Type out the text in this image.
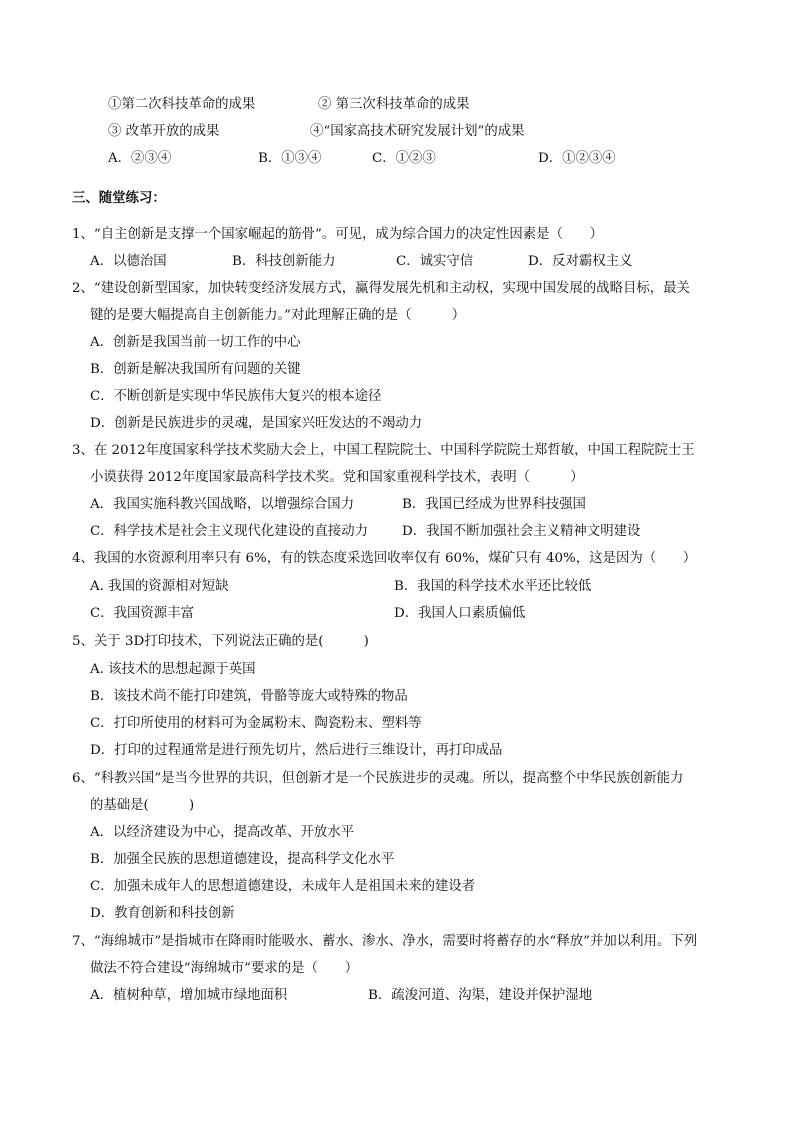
①第二次科技革命的成果	② 第三次科技革命的成果
③ 改革开放的成果	④“国家高技术研究发展计划”的成果
A．②③④	B．①③④	C．①②③	D．①②③④
三、随堂练习：
1、“自主创新是支撑一个国家崛起的筋骨”。可见，成为综合国力的决定性因素是（　　）
A．以德治国	B．科技创新能力	C．诚实守信	D．反对霸权主义
2、“建设创新型国家，加快转变经济发展方式，赢得发展先机和主动权，实现中国发展的战略目标，最关
键的是要大幅提高自主创新能力。”对此理解正确的是（　　　）
A．创新是我国当前一切工作的中心
B．创新是解决我国所有问题的关键
C．不断创新是实现中华民族伟大复兴的根本途径
D．创新是民族进步的灵魂，是国家兴旺发达的不竭动力
3、在 2012年度国家科学技术奖励大会上，中国工程院院士、中国科学院院士郑哲敏，中国工程院院士王
小谟获得 2012年度国家最高科学技术奖。党和国家重视科学技术，表明（　　　）
A．我国实施科教兴国战略，以增强综合国力	B．我国已经成为世界科技强国
C．科学技术是社会主义现代化建设的直接动力	D．我国不断加强社会主义精神文明建设
4、我国的水资源利用率只有 6%，有的铁态度采选回收率仅有 60%，煤矿只有 40%，这是因为（　　）
A. 我国的资源相对短缺	B．我国的科学技术水平还比较低
C．我国资源丰富	D．我国人口素质偏低
5、关于 3D打印技术，下列说法正确的是(　　　)
A. 该技术的思想起源于英国
B．该技术尚不能打印建筑，骨骼等庞大或特殊的物品
C．打印所使用的材料可为金属粉末、陶瓷粉末、塑料等
D．打印的过程通常是进行预先切片，然后进行三维设计，再打印成品
6、“科教兴国”是当今世界的共识，但创新才是一个民族进步的灵魂。所以，提高整个中华民族创新能力
的基础是(　　　)
A．以经济建设为中心，提高改革、开放水平
B．加强全民族的思想道德建设，提高科学文化水平
C．加强未成年人的思想道德建设，未成年人是祖国未来的建设者
D．教育创新和科技创新
7、“海绵城市”是指城市在降雨时能吸水、蓄水、渗水、净水，需要时将蓄存的水“释放”并加以利用。下列
做法不符合建设“海绵城市”要求的是（　　）
A．植树种草，增加城市绿地面积	B．疏浚河道、沟渠，建设并保护湿地
